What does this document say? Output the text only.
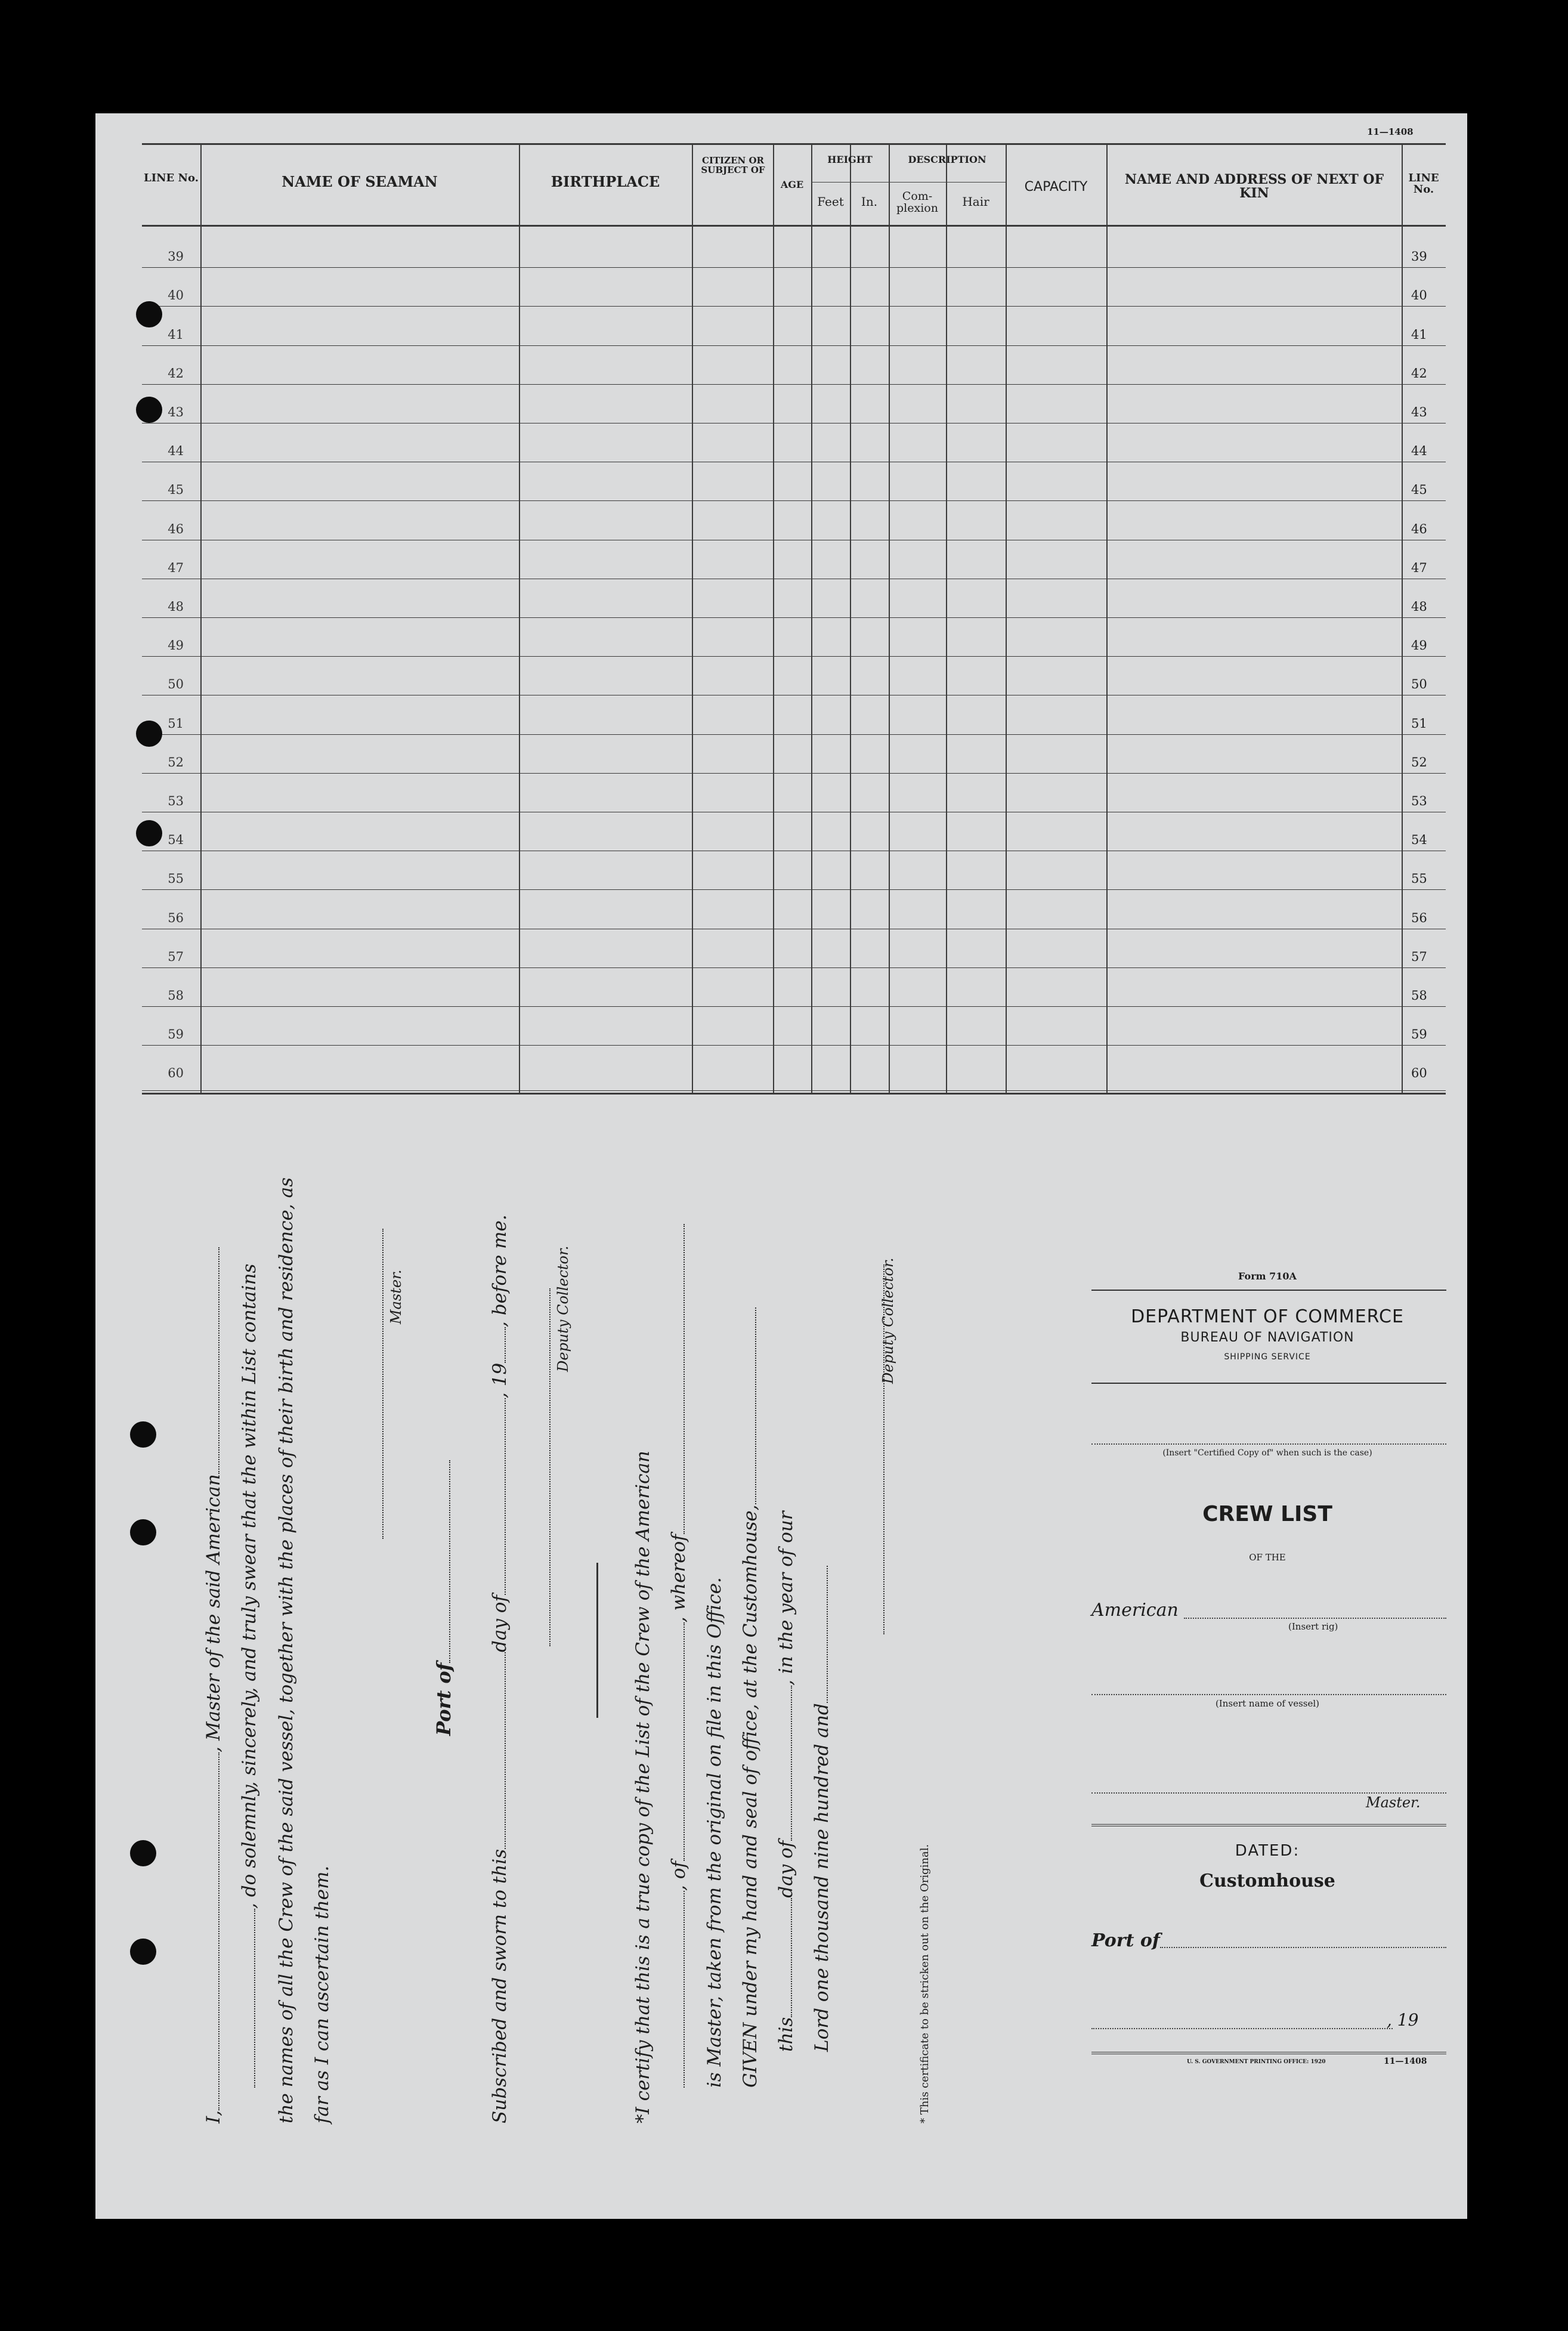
11—1408
LINE No.	NAME OF SEAMAN	BIRTHPLACE
CITIZEN OR SUBJECT OF
AGE
HEIGHT
Feet	In.
DESCRIPTION
Com-plexion	Hair
CAPACITY	NAME AND ADDRESS OF NEXT OF KIN
LINE No.
39	39
40	40
41	41
42	42
43	43
44	44
45	45
46	46
47	47
48	48
49	49
50	50
51	51
52	52
53	53
54	54
55	55
56	56
57	57
58	58
59	59
60	60
I,, Master of the said American , do solemnly, sincerely, and truly swear that the within List contains the names of all the Crew of the said vessel, together with the places of their birth and residence, as far as I can ascertain them.
Master.
Port of
Subscribed and sworn to thisday of, 19, before me.	Deputy Collector.
*I certify that this is a true copy of the List of the Crew of the American , of, whereof is Master, taken from the original on file in this Office. GIVEN under my hand and seal of office, at the Customhouse, thisday of, in the year of our
Lord one thousand nine hundred and
Deputy Collector.
* This certificate to be stricken out on the Original.
Form 710A
DEPARTMENT OF COMMERCE
BUREAU OF NAVIGATION
SHIPPING SERVICE
(Insert "Certified Copy of" when such is the case)
CREW LIST
OF THE
American
(Insert rig)
(Insert name of vessel)
Master.
DATED:
Customhouse
Port of
, 19
U. S. GOVERNMENT PRINTING OFFICE: 1920	11—1408
